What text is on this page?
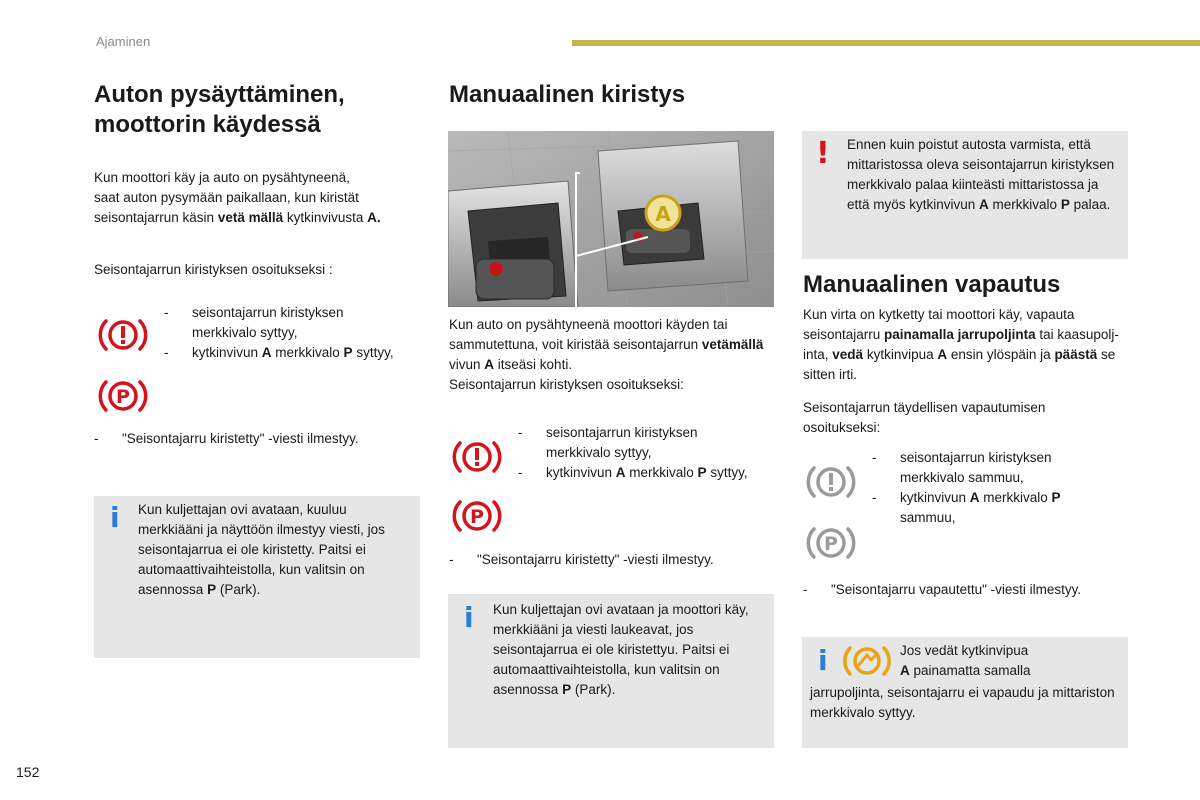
Ajaminen
Auton pysäyttäminen,
moottorin käydessä

Kun moottori käy ja auto on pysähtyneenä,
saat auton pysymään paikallaan, kun kiristät
seisontajarrun käsin vetä mällä kytkinvivusta A.

Seisontajarrun kiristyksen osoitukseksi :

P
- seisontajarrun kiristyksen merkkivalo syttyy,
- kytkinvivun A merkkivalo P syttyy,
- "Seisontajarru kiristetty" -viesti ilmestyy.
i Kun kuljettajan ovi avataan, kuuluu merkkiääni ja näyttöön ilmestyy viesti, jos seisontajarrua ei ole kiristetty. Paitsi ei automaattivaihteistolla, kun valitsin on asennossa P (Park).

Manuaalinen kiristys
A

Kun auto on pysähtyneenä moottori käyden tai sammutettuna, voit kiristää seisontajarrun vetämällä vivun A itseäsi kohti.
Seisontajarrun kiristyksen osoitukseksi:

P
- seisontajarrun kiristyksen merkkivalo syttyy,
- kytkinvivun A merkkivalo P syttyy,
- "Seisontajarru kiristetty" -viesti ilmestyy.
i Kun kuljettajan ovi avataan ja moottori käy, merkkiääni ja viesti laukeavat, jos seisontajarrua ei ole kiristettyu. Paitsi ei automaattivaihteistolla, kun valitsin on asennossa P (Park).

! Ennen kuin poistut autosta varmista, että mittaristossa oleva seisontajarrun kiristyksen merkkivalo palaa kiinteästi mittaristossa ja että myös kytkinvivun A merkkivalo P palaa.

Manuaalinen vapautus

Kun virta on kytketty tai moottori käy, vapauta seisontajarru painamalla jarrupoljinta tai kaasupoljinta, vedä kytkinvipua A ensin ylöspäin ja päästä se sitten irti.

Seisontajarrun täydellisen vapautumisen osoitukseksi:

P
- seisontajarrun kiristyksen merkkivalo sammuu,
- kytkinvivun A merkkivalo P sammuu,
- "Seisontajarru vapautettu" -viesti ilmestyy.
i	Jos vedät kytkinvipua

A painamatta samalla

jarrupoljinta, seisontajarru ei vapaudu ja mittariston merkkivalo syttyy.

152
